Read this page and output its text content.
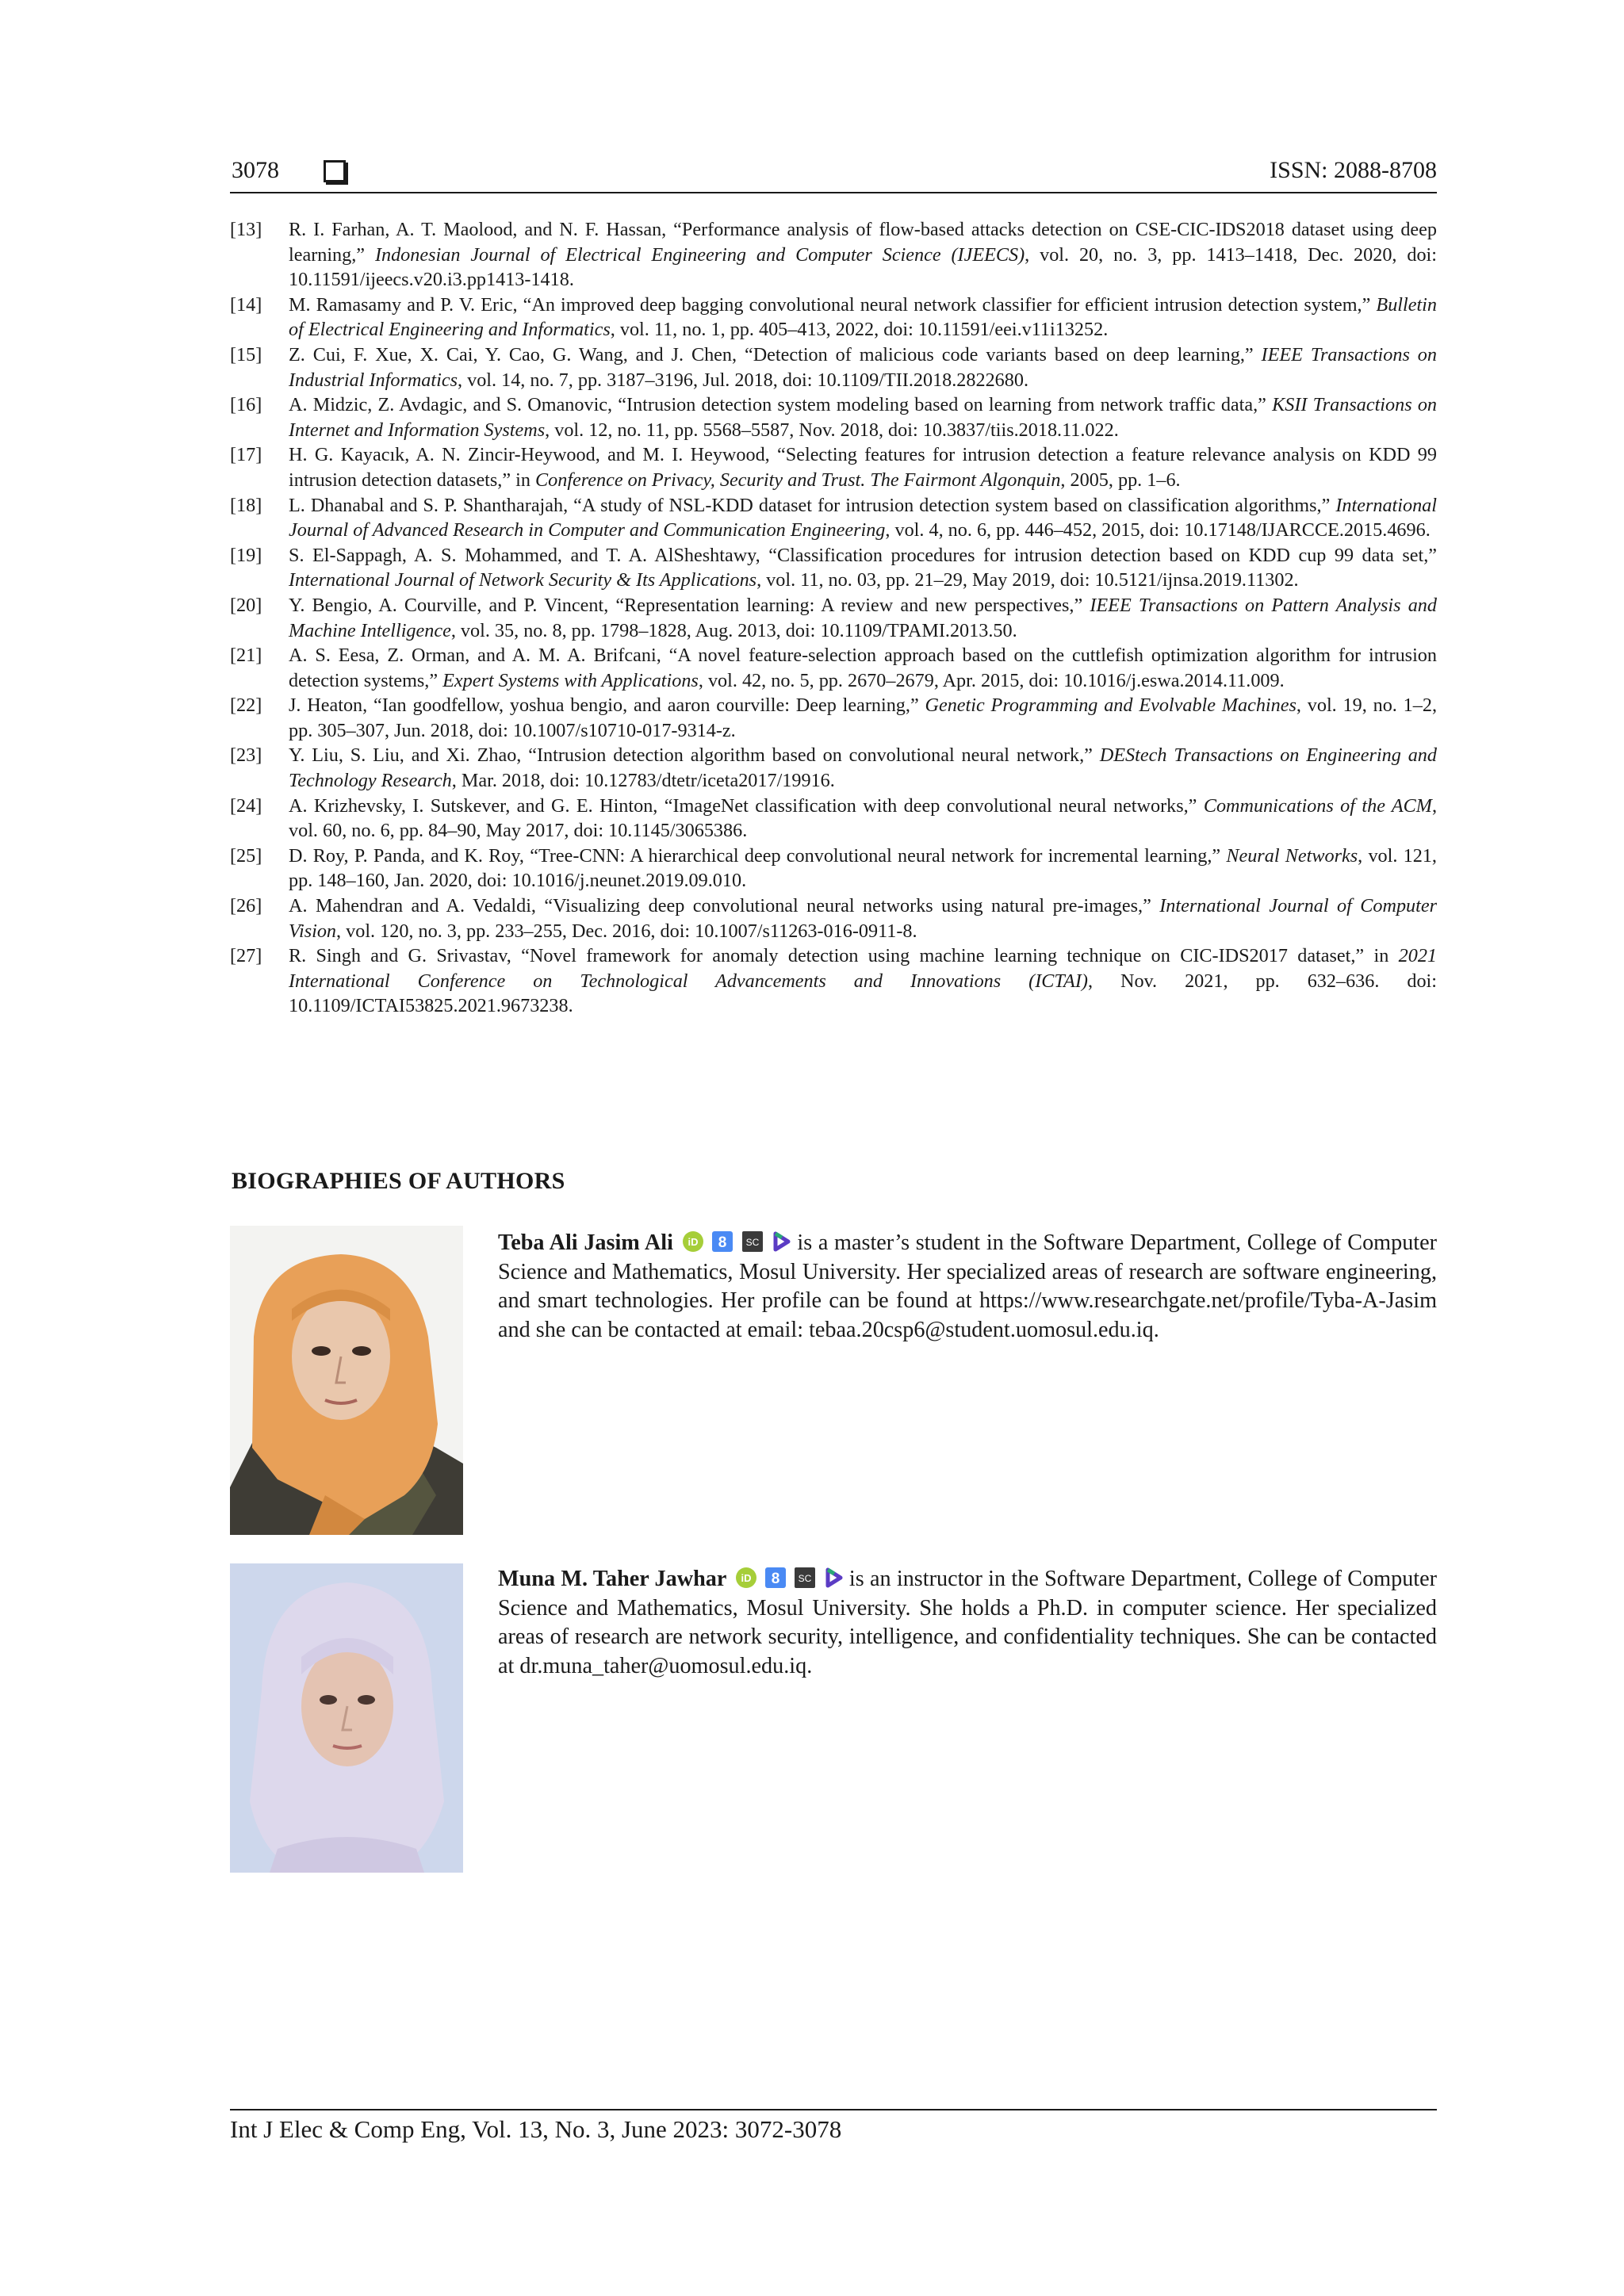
3078	ISSN: 2088-8708
[13]	R. I. Farhan, A. T. Maolood, and N. F. Hassan, “Performance analysis of flow-based attacks detection on CSE-CIC-IDS2018 dataset using deep learning,” Indonesian Journal of Electrical Engineering and Computer Science (IJEECS), vol. 20, no. 3, pp. 1413–1418, Dec. 2020, doi: 10.11591/ijeecs.v20.i3.pp1413-1418.
[14]	M. Ramasamy and P. V. Eric, “An improved deep bagging convolutional neural network classifier for efficient intrusion detection system,” Bulletin of Electrical Engineering and Informatics, vol. 11, no. 1, pp. 405–413, 2022, doi: 10.11591/eei.v11i13252.
[15]	Z. Cui, F. Xue, X. Cai, Y. Cao, G. Wang, and J. Chen, “Detection of malicious code variants based on deep learning,” IEEE Transactions on Industrial Informatics, vol. 14, no. 7, pp. 3187–3196, Jul. 2018, doi: 10.1109/TII.2018.2822680.
[16]	A. Midzic, Z. Avdagic, and S. Omanovic, “Intrusion detection system modeling based on learning from network traffic data,” KSII Transactions on Internet and Information Systems, vol. 12, no. 11, pp. 5568–5587, Nov. 2018, doi: 10.3837/tiis.2018.11.022.
[17]	H. G. Kayacık, A. N. Zincir-Heywood, and M. I. Heywood, “Selecting features for intrusion detection a feature relevance analysis on KDD 99 intrusion detection datasets,” in Conference on Privacy, Security and Trust. The Fairmont Algonquin, 2005, pp. 1–6.
[18]	L. Dhanabal and S. P. Shantharajah, “A study of NSL-KDD dataset for intrusion detection system based on classification algorithms,” International Journal of Advanced Research in Computer and Communication Engineering, vol. 4, no. 6, pp. 446–452, 2015, doi: 10.17148/IJARCCE.2015.4696.
[19]	S. El-Sappagh, A. S. Mohammed, and T. A. AlSheshtawy, “Classification procedures for intrusion detection based on KDD cup 99 data set,” International Journal of Network Security & Its Applications, vol. 11, no. 03, pp. 21–29, May 2019, doi: 10.5121/ijnsa.2019.11302.
[20]	Y. Bengio, A. Courville, and P. Vincent, “Representation learning: A review and new perspectives,” IEEE Transactions on Pattern Analysis and Machine Intelligence, vol. 35, no. 8, pp. 1798–1828, Aug. 2013, doi: 10.1109/TPAMI.2013.50.
[21]	A. S. Eesa, Z. Orman, and A. M. A. Brifcani, “A novel feature-selection approach based on the cuttlefish optimization algorithm for intrusion detection systems,” Expert Systems with Applications, vol. 42, no. 5, pp. 2670–2679, Apr. 2015, doi: 10.1016/j.eswa.2014.11.009.
[22]	J. Heaton, “Ian goodfellow, yoshua bengio, and aaron courville: Deep learning,” Genetic Programming and Evolvable Machines, vol. 19, no. 1–2, pp. 305–307, Jun. 2018, doi: 10.1007/s10710-017-9314-z.
[23]	Y. Liu, S. Liu, and Xi. Zhao, “Intrusion detection algorithm based on convolutional neural network,” DEStech Transactions on Engineering and Technology Research, Mar. 2018, doi: 10.12783/dtetr/iceta2017/19916.
[24]	A. Krizhevsky, I. Sutskever, and G. E. Hinton, “ImageNet classification with deep convolutional neural networks,” Communications of the ACM, vol. 60, no. 6, pp. 84–90, May 2017, doi: 10.1145/3065386.
[25]	D. Roy, P. Panda, and K. Roy, “Tree-CNN: A hierarchical deep convolutional neural network for incremental learning,” Neural Networks, vol. 121, pp. 148–160, Jan. 2020, doi: 10.1016/j.neunet.2019.09.010.
[26]	A. Mahendran and A. Vedaldi, “Visualizing deep convolutional neural networks using natural pre-images,” International Journal of Computer Vision, vol. 120, no. 3, pp. 233–255, Dec. 2016, doi: 10.1007/s11263-016-0911-8.
[27]	R. Singh and G. Srivastav, “Novel framework for anomaly detection using machine learning technique on CIC-IDS2017 dataset,” in 2021 International Conference on Technological Advancements and Innovations (ICTAI), Nov. 2021, pp. 632–636. doi: 10.1109/ICTAI53825.2021.9673238.
BIOGRAPHIES OF AUTHORS
Teba Ali Jasim Ali iD
8
SC
is a master’s student in the Software Department, College of Computer Science and Mathematics, Mosul University. Her specialized areas of research are software engineering, and smart technologies. Her profile can be found at https://www.researchgate.net/profile/Tyba-A-Jasim and she can be contacted at email: tebaa.20csp6@student.uomosul.edu.iq.
Muna M. Taher Jawhar iD
8
SC
is an instructor in the Software Department, College of Computer Science and Mathematics, Mosul University. She holds a Ph.D. in computer science. Her specialized areas of research are network security, intelligence, and confidentiality techniques. She can be contacted at dr.muna_taher@uomosul.edu.iq.
Int J Elec & Comp Eng, Vol. 13, No. 3, June 2023: 3072-3078
